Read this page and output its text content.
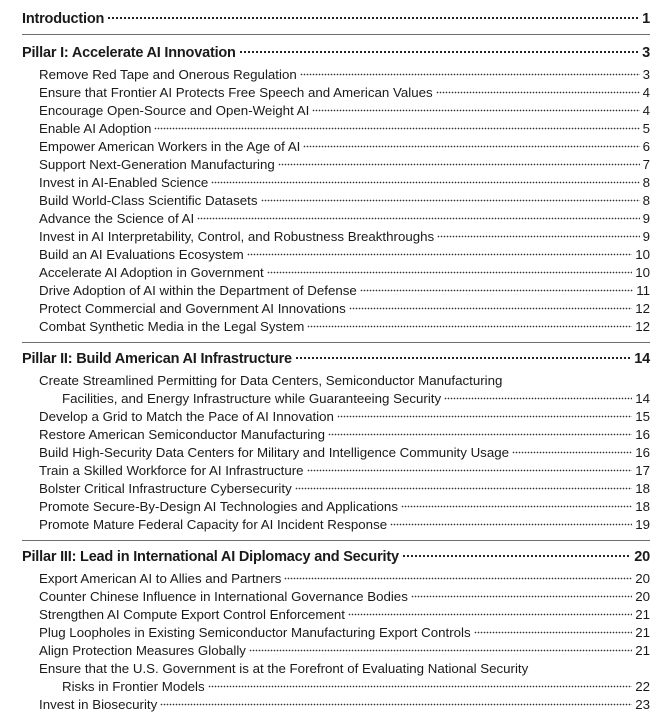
Introduction	1
Pillar I: Accelerate AI Innovation	3
Remove Red Tape and Onerous Regulation	3
Ensure that Frontier AI Protects Free Speech and American Values	4
Encourage Open-Source and Open-Weight AI	4
Enable AI Adoption	5
Empower American Workers in the Age of AI	6
Support Next-Generation Manufacturing	7
Invest in AI-Enabled Science	8
Build World-Class Scientific Datasets	8
Advance the Science of AI	9
Invest in AI Interpretability, Control, and Robustness Breakthroughs	9
Build an AI Evaluations Ecosystem	10
Accelerate AI Adoption in Government	10
Drive Adoption of AI within the Department of Defense	11
Protect Commercial and Government AI Innovations	12
Combat Synthetic Media in the Legal System	12
Pillar II: Build American AI Infrastructure	14
Create Streamlined Permitting for Data Centers, Semiconductor Manufacturing
Facilities, and Energy Infrastructure while Guaranteeing Security	14
Develop a Grid to Match the Pace of AI Innovation	15
Restore American Semiconductor Manufacturing	16
Build High-Security Data Centers for Military and Intelligence Community Usage	16
Train a Skilled Workforce for AI Infrastructure	17
Bolster Critical Infrastructure Cybersecurity	18
Promote Secure-By-Design AI Technologies and Applications	18
Promote Mature Federal Capacity for AI Incident Response	19
Pillar III: Lead in International AI Diplomacy and Security	20
Export American AI to Allies and Partners	20
Counter Chinese Influence in International Governance Bodies	20
Strengthen AI Compute Export Control Enforcement	21
Plug Loopholes in Existing Semiconductor Manufacturing Export Controls	21
Align Protection Measures Globally	21
Ensure that the U.S. Government is at the Forefront of Evaluating National Security
Risks in Frontier Models	22
Invest in Biosecurity	23
